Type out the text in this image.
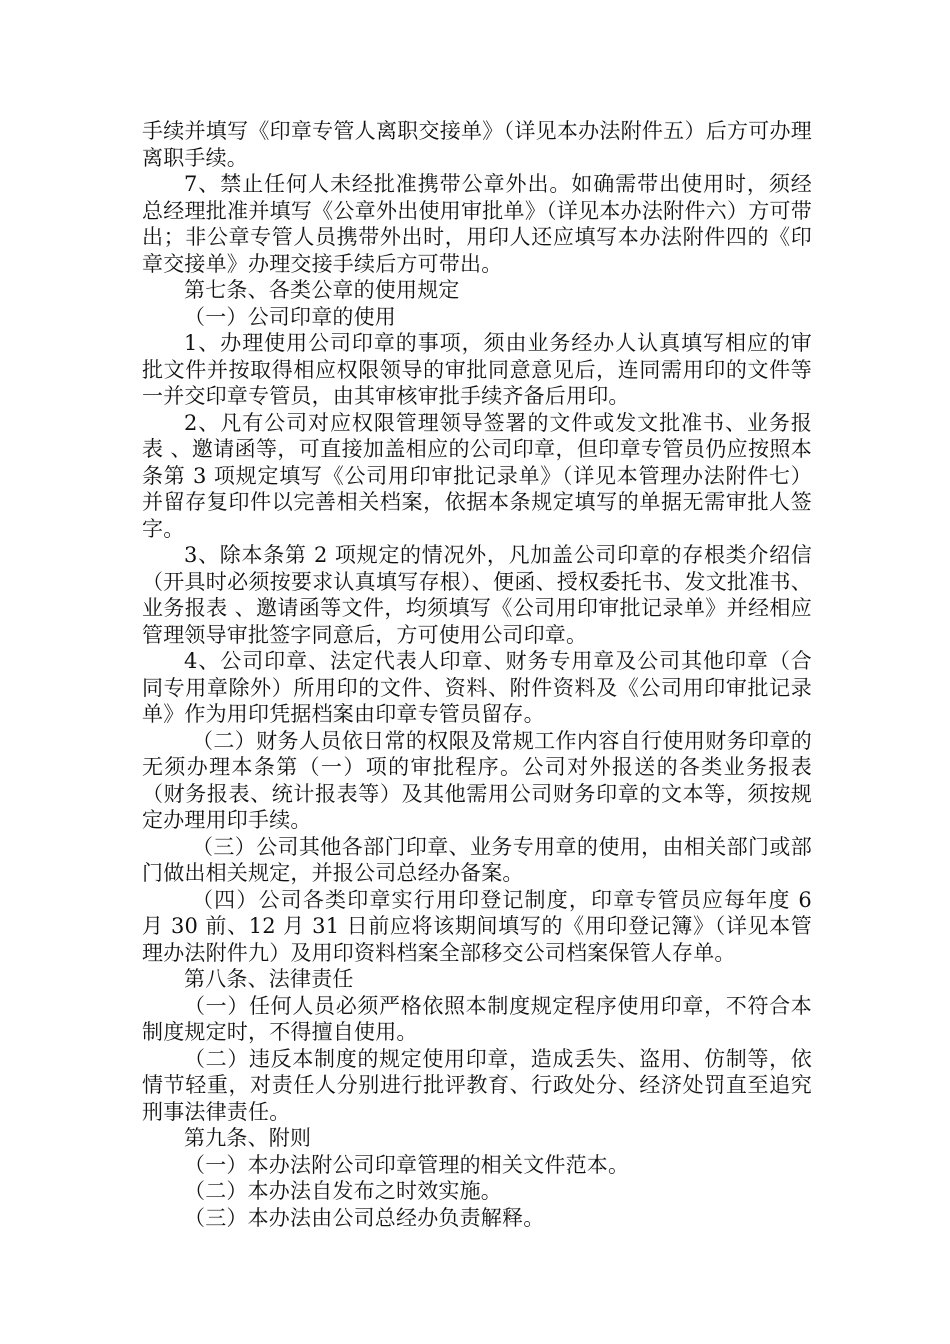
手续并填写《印章专管人离职交接单》（详见本办法附件五）后方可办理离职手续。

7、禁止任何人未经批准携带公章外出。如确需带出使用时，须经总经理批准并填写《公章外出使用审批单》（详见本办法附件六）方可带出；非公章专管人员携带外出时，用印人还应填写本办法附件四的《印章交接单》办理交接手续后方可带出。

第七条、各类公章的使用规定

（一）公司印章的使用

1、办理使用公司印章的事项，须由业务经办人认真填写相应的审批文件并按取得相应权限领导的审批同意意见后，连同需用印的文件等一并交印章专管员，由其审核审批手续齐备后用印。

2、凡有公司对应权限管理领导签署的文件或发文批准书、业务报表 、邀请函等，可直接加盖相应的公司印章，但印章专管员仍应按照本条第 3 项规定填写《公司用印审批记录单》（详见本管理办法附件七）并留存复印件以完善相关档案，依据本条规定填写的单据无需审批人签字。

3、除本条第 2 项规定的情况外，凡加盖公司印章的存根类介绍信（开具时必须按要求认真填写存根）、便函、授权委托书、发文批准书、业务报表 、邀请函等文件，均须填写《公司用印审批记录单》并经相应管理领导审批签字同意后，方可使用公司印章。

4、公司印章、法定代表人印章、财务专用章及公司其他印章（合同专用章除外）所用印的文件、资料、附件资料及《公司用印审批记录单》作为用印凭据档案由印章专管员留存。

（二）财务人员依日常的权限及常规工作内容自行使用财务印章的无须办理本条第（一）项的审批程序。公司对外报送的各类业务报表（财务报表、统计报表等）及其他需用公司财务印章的文本等，须按规定办理用印手续。

（三）公司其他各部门印章、业务专用章的使用，由相关部门或部门做出相关规定，并报公司总经办备案。

（四）公司各类印章实行用印登记制度，印章专管员应每年度 6 月 30 前、12 月 31 日前应将该期间填写的《用印登记簿》（详见本管理办法附件九）及用印资料档案全部移交公司档案保管人存单。

第八条、法律责任

（一）任何人员必须严格依照本制度规定程序使用印章，不符合本制度规定时，不得擅自使用。

（二）违反本制度的规定使用印章，造成丢失、盗用、仿制等，依情节轻重，对责任人分别进行批评教育、行政处分、经济处罚直至追究刑事法律责任。

第九条、附则

（一）本办法附公司印章管理的相关文件范本。

（二）本办法自发布之时效实施。

（三）本办法由公司总经办负责解释。
